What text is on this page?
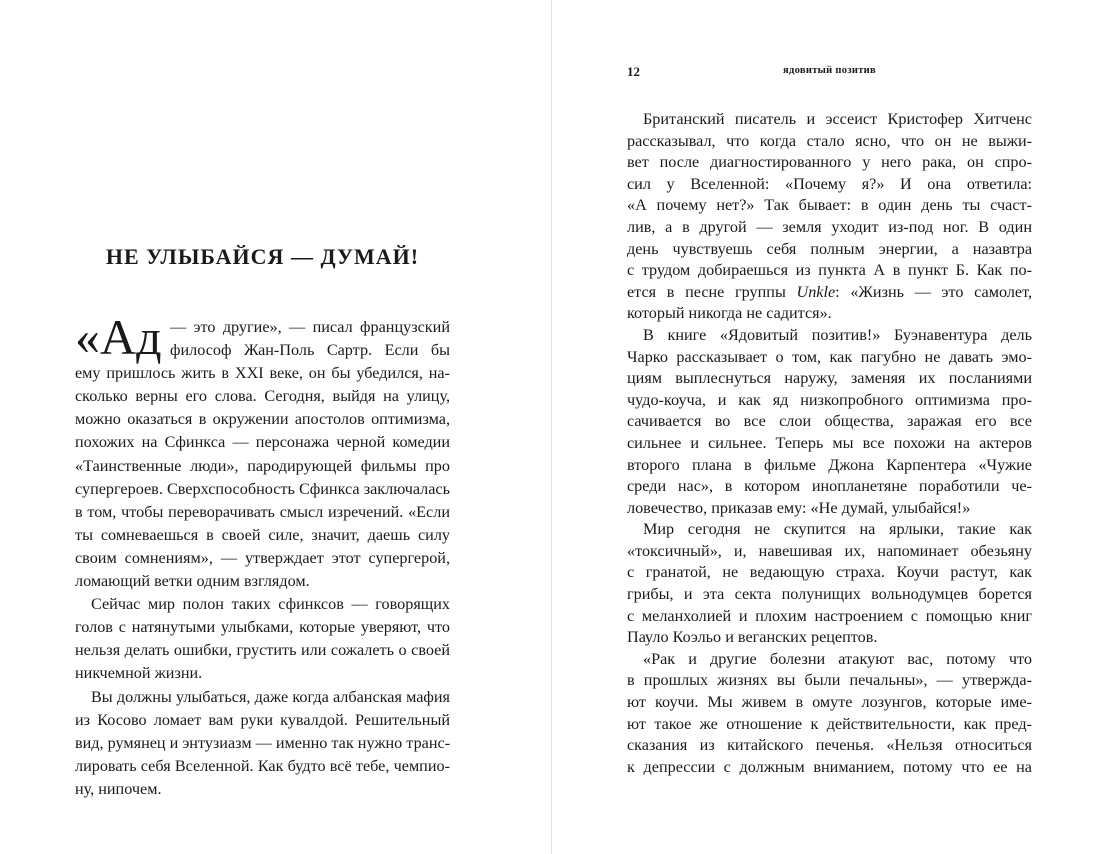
НЕ УЛЫБАЙСЯ — ДУМАЙ!
«Ад — это другие», — писал французский
философ Жан-Поль Сартр. Если бы
ему пришлось жить в XXI веке, он бы убедился, на-
сколько верны его слова. Сегодня, выйдя на улицу,
можно оказаться в окружении апостолов оптимизма,
похожих на Сфинкса — персонажа черной комедии
«Таинственные люди», пародирующей фильмы про
супергероев. Сверхспособность Сфинкса заключалась
в том, чтобы переворачивать смысл изречений. «Если
ты сомневаешься в своей силе, значит, даешь силу
своим сомнениям», — утверждает этот супергерой,
ломающий ветки одним взглядом.
Сейчас мир полон таких сфинксов — говорящих
голов с натянутыми улыбками, которые уверяют, что
нельзя делать ошибки, грустить или сожалеть о своей
никчемной жизни.
Вы должны улыбаться, даже когда албанская мафия
из Косово ломает вам руки кувалдой. Решительный
вид, румянец и энтузиазм — именно так нужно транс-
лировать себя Вселенной. Как будто всё тебе, чемпио-
ну, нипочем.
12	ядовитый позитив
Британский писатель и эссеист Кристофер Хитченс
рассказывал, что когда стало ясно, что он не выжи-
вет после диагностированного у него рака, он спро-
сил у Вселенной: «Почему я?» И она ответила:
«А почему нет?» Так бывает: в один день ты счаст-
лив, а в другой — земля уходит из-под ног. В один
день чувствуешь себя полным энергии, а назавтра
с трудом добираешься из пункта А в пункт Б. Как по-
ется в песне группы Unkle: «Жизнь — это самолет,
который никогда не садится».
В книге «Ядовитый позитив!» Буэнавентура дель
Чарко рассказывает о том, как пагубно не давать эмо-
циям выплеснуться наружу, заменяя их посланиями
чудо-коуча, и как яд низкопробного оптимизма про-
сачивается во все слои общества, заражая его все
сильнее и сильнее. Теперь мы все похожи на актеров
второго плана в фильме Джона Карпентера «Чужие
среди нас», в котором инопланетяне поработили че-
ловечество, приказав ему: «Не думай, улыбайся!»
Мир сегодня не скупится на ярлыки, такие как
«токсичный», и, навешивая их, напоминает обезьяну
с гранатой, не ведающую страха. Коучи растут, как
грибы, и эта секта полунищих вольнодумцев борется
с меланхолией и плохим настроением с помощью книг
Пауло Коэльо и веганских рецептов.
«Рак и другие болезни атакуют вас, потому что
в прошлых жизнях вы были печальны», — утвержда-
ют коучи. Мы живем в омуте лозунгов, которые име-
ют такое же отношение к действительности, как пред-
сказания из китайского печенья. «Нельзя относиться
к депрессии с должным вниманием, потому что ее на
